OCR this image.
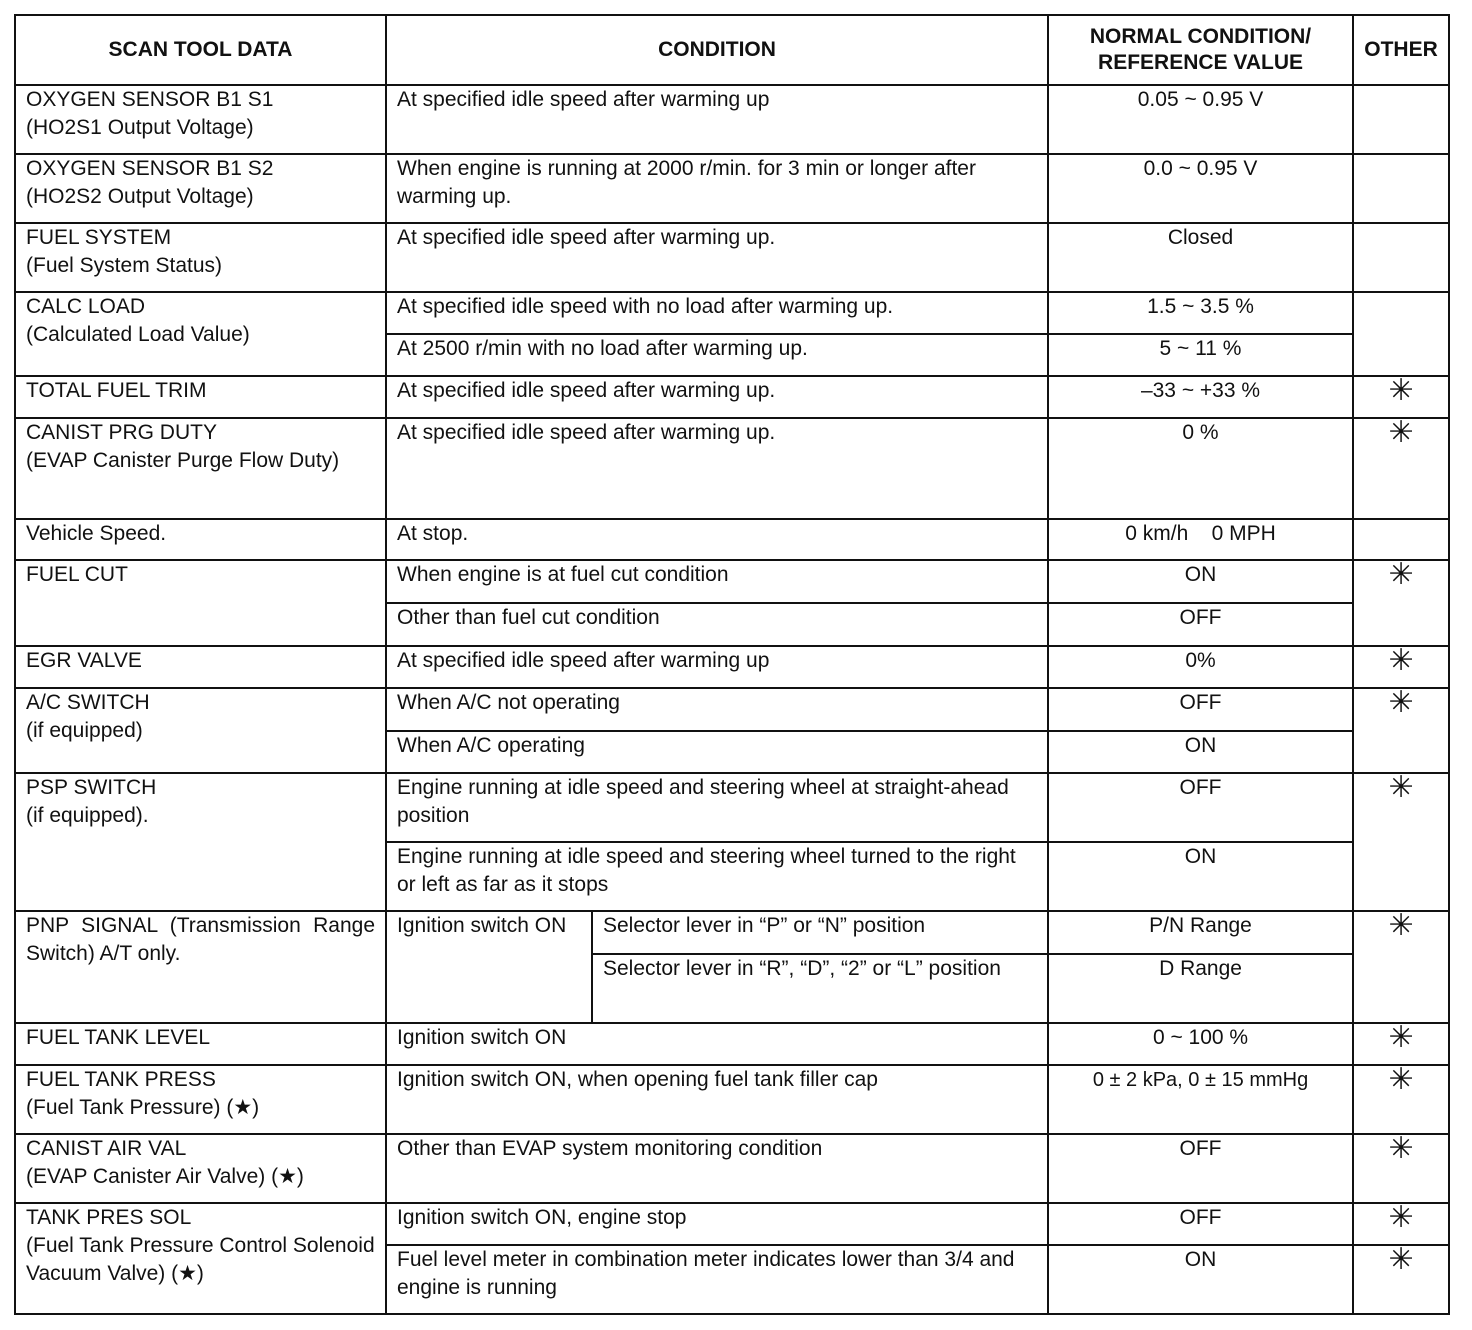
SCAN TOOL DATA	CONDITION		NORMAL CONDITION/
REFERENCE VALUE	OTHER

OXYGEN SENSOR B1 S1
(HO2S1 Output Voltage)	At specified idle speed after warming up		0.05 ~ 0.95 V	

OXYGEN SENSOR B1 S2
(HO2S2 Output Voltage)	When engine is running at 2000 r/min. for 3 min or longer after warming up.		0.0 ~ 0.95 V	

FUEL SYSTEM
(Fuel System Status)	At specified idle speed after warming up.		Closed	

CALC LOAD
(Calculated Load Value)	At specified idle speed with no load after warming up.		1.5 ~ 3.5 %	
	At 2500 r/min with no load after warming up.		5 ~ 11 %	
TOTAL FUEL TRIM	At specified idle speed after warming up.		–33 ~ +33 %	✳

CANIST PRG DUTY
(EVAP Canister Purge Flow Duty)	At specified idle speed after warming up.		0 %	✳
Vehicle Speed.	At stop.		0 km/h    0 MPH	
FUEL CUT	When engine is at fuel cut condition		ON	✳
	Other than fuel cut condition		OFF	
EGR VALVE	At specified idle speed after warming up		0%	✳

A/C SWITCH
(if equipped)	When A/C not operating		OFF	✳
	When A/C operating		ON	

PSP SWITCH
(if equipped).	Engine running at idle speed and steering wheel at straight-ahead position		OFF	✳
	Engine running at idle speed and steering wheel turned to the right or left as far as it stops		ON	
PNP SIGNAL (Transmission Range Switch) A/T only.	Ignition switch ON	Selector lever in “P” or “N” position	P/N Range	✳
		Selector lever in “R”, “D”, “2” or “L” position	D Range	
FUEL TANK LEVEL	Ignition switch ON		0 ~ 100 %	✳

FUEL TANK PRESS
(Fuel Tank Pressure) (★)	Ignition switch ON, when opening fuel tank filler cap		0 ± 2 kPa, 0 ± 15 mmHg	✳

CANIST AIR VAL
(EVAP Canister Air Valve) (★)	Other than EVAP system monitoring condition		OFF	✳

TANK PRES SOL
(Fuel Tank Pressure Control Solenoid Vacuum Valve) (★)	Ignition switch ON, engine stop		OFF	✳
	Fuel level meter in combination meter indicates lower than 3/4 and engine is running		ON	✳
